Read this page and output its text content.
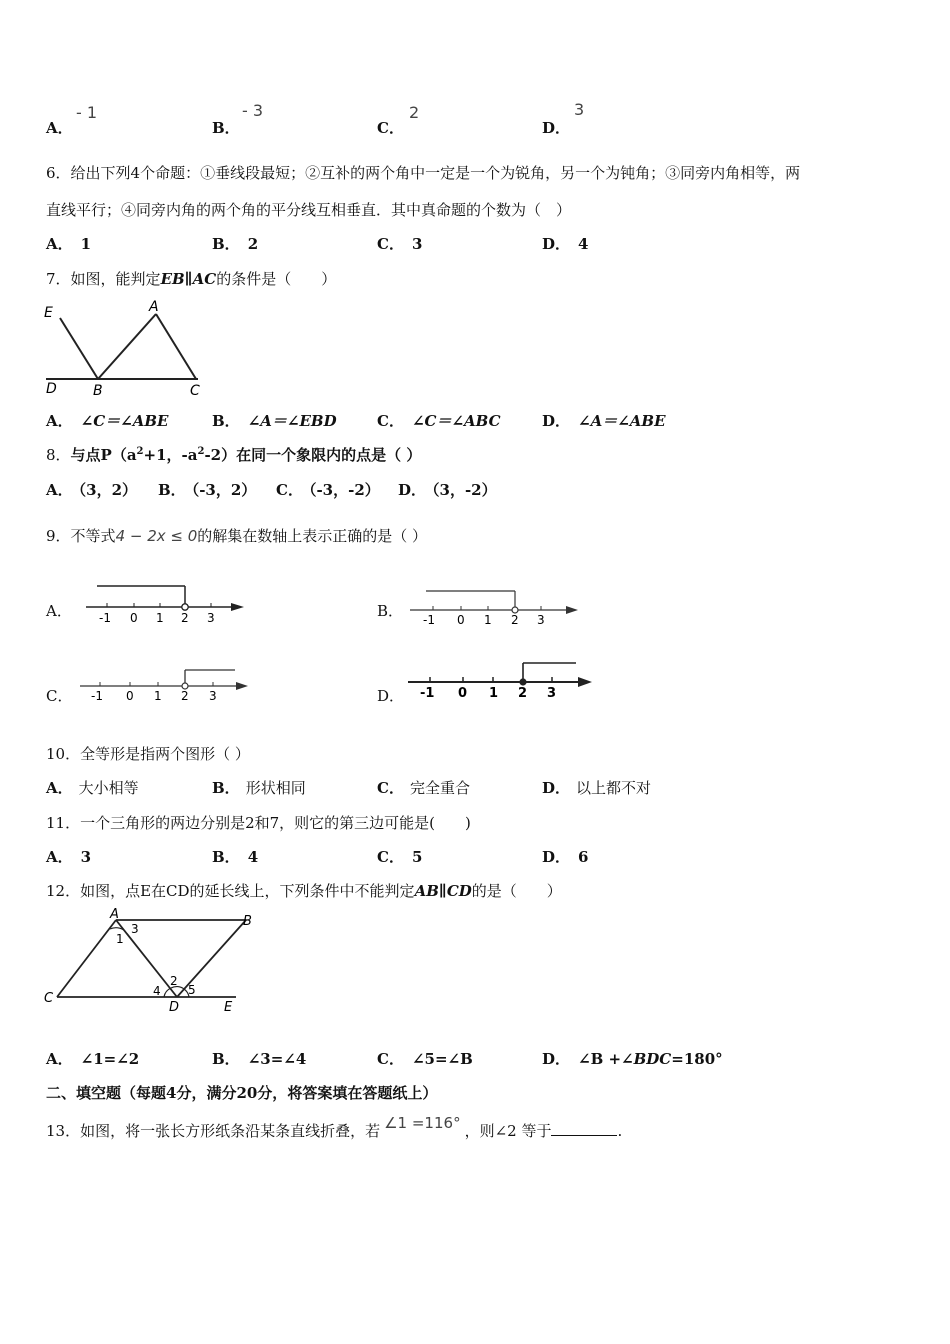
A．
- 1
B．
- 3
C．
2
D．
3
6．给出下列4个命题：①垂线段最短；②互补的两个角中一定是一个为锐角，另一个为钝角；③同旁内角相等，两
直线平行；④同旁内角的两个角的平分线互相垂直．其中真命题的个数为（　）
A． 1	B． 2	C． 3	D． 4
7．如图，能判定EB∥AC的条件是（　　）
E	A
D	B	C
A． ∠C＝∠ABE	B． ∠A＝∠EBD	C． ∠C＝∠ABC	D． ∠A＝∠ABE
8．与点$P(a^2+1$，$-a^2-2$）在同一个象限内的点是（ ）
A． （3，2） B． （-3，2） C． （-3，-2） D． （3，-2）
9．不等式4 − 2x ≤ 0的解集在数轴上表示正确的是（ ）
A． -1 0 1 2 3	B． -1 0 1 2 3
C． -1 0 1 2 3	D． -1 0 1 2 3
10．全等形是指两个图形（ ）
A． 大小相等	B． 形状相同	C． 完全重合	D． 以上都不对
11．一个三角形的两边分别是2和7，则它的第三边可能是(　　)
A． 3	B． 4	C． 5	D． 6
12．如图，点E在CD的延长线上，下列条件中不能判定AB∥CD的是（　　）
A	B
C
D	E
1
3
2
4 5
A． ∠1=∠2	B． ∠3=∠4	C． ∠5=∠B	D． ∠B +∠BDC=180°
二、填空题（每题4分，满分20分，将答案填在答题纸上）
13．如图，将一张长方形纸条沿某条直线折叠，若 ∠1 =116° ，则∠2 等于	.
